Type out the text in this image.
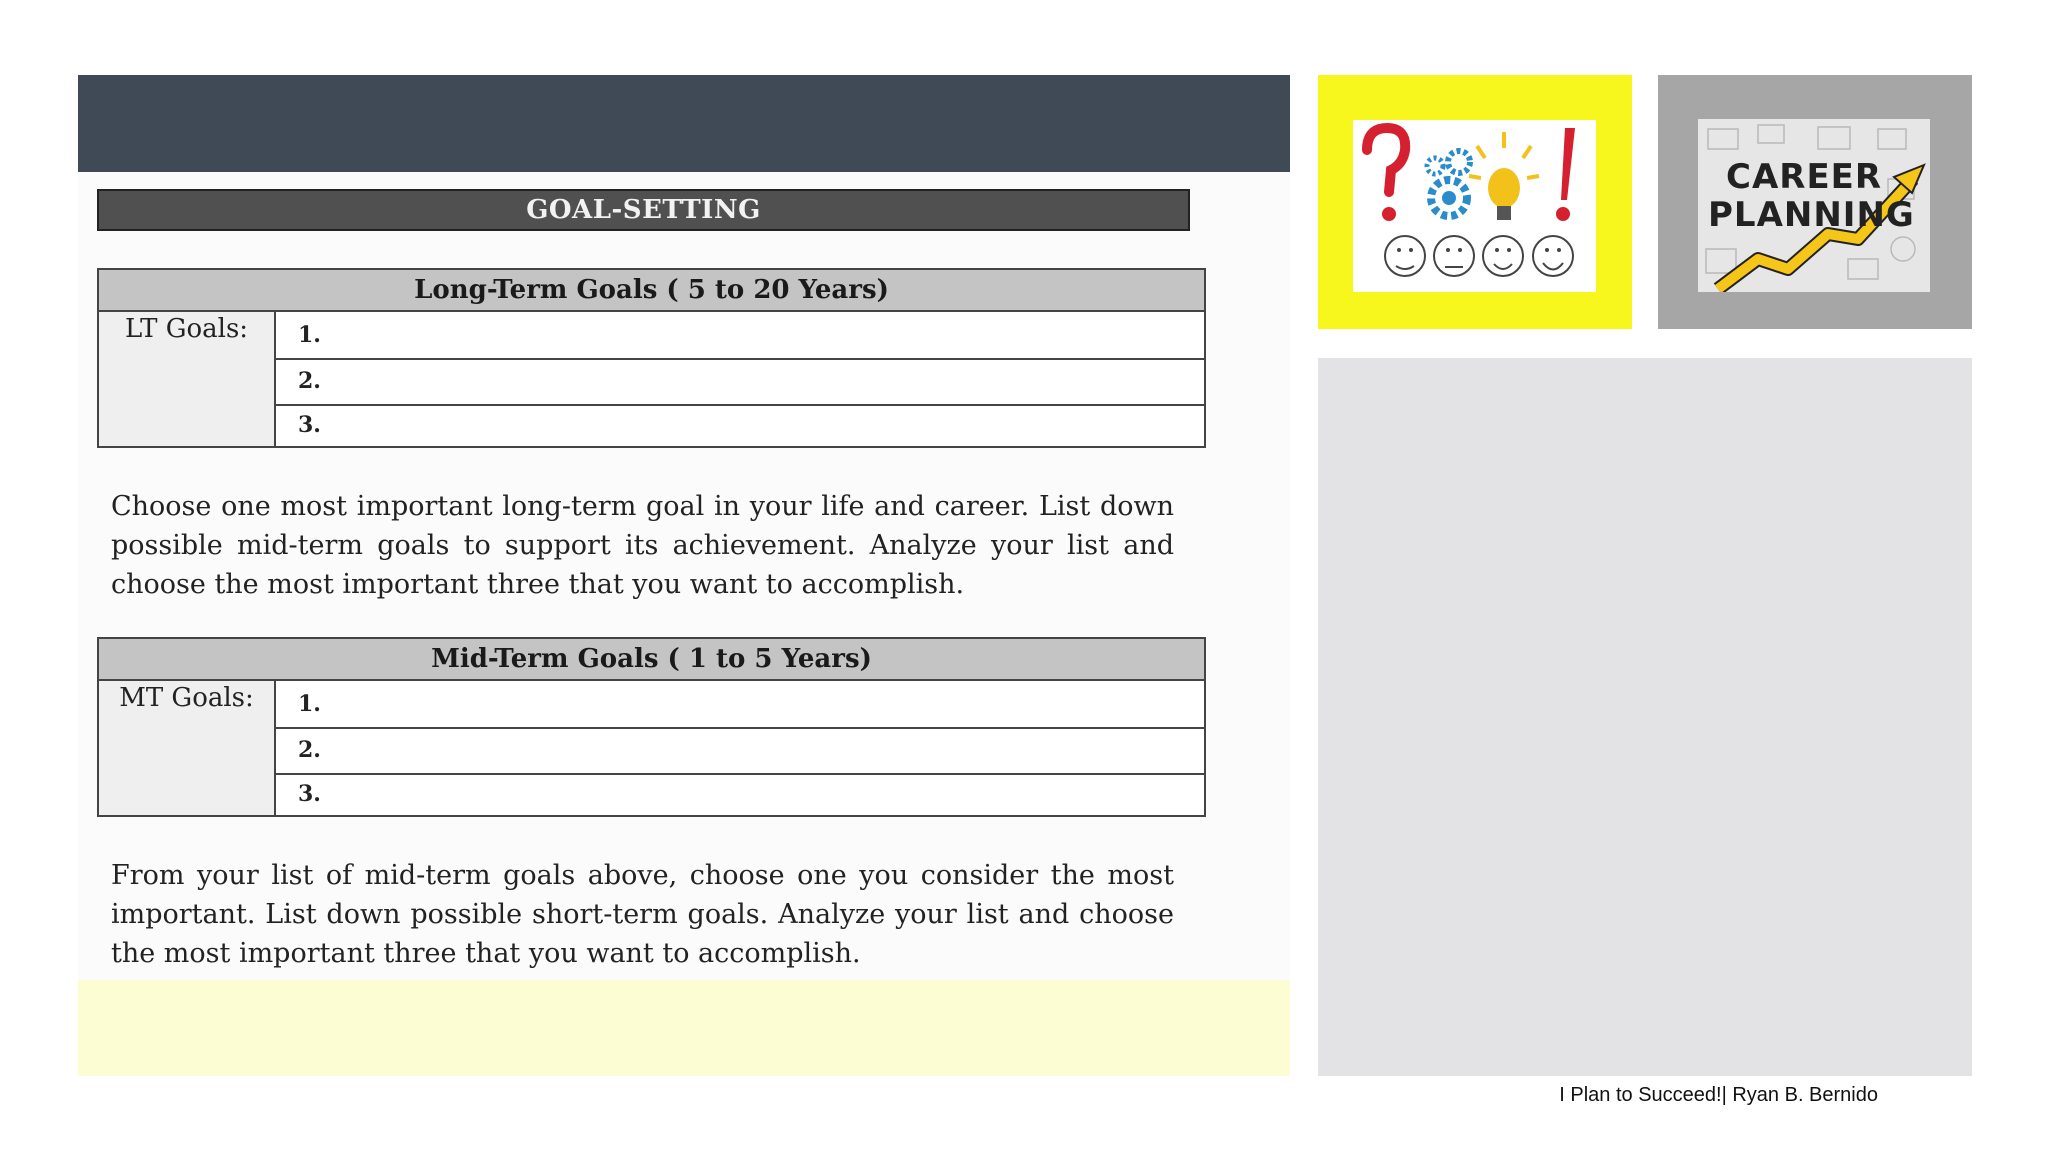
GOAL-SETTING
Long-Term Goals ( 5 to 20 Years)
LT Goals:	1.
2.
3.
Choose one most important long-term goal in your life and career. List down possible mid-term goals to support its achievement. Analyze your list and choose the most important three that you want to accomplish.
Mid-Term Goals ( 1 to 5 Years)
MT Goals:	1.
2.
3.
From your list of mid-term goals above, choose one you consider the most important. List down possible short-term goals. Analyze your list and choose the most important three that you want to accomplish.
CAREER
PLANNING
I Plan to Succeed!| Ryan B. Bernido
